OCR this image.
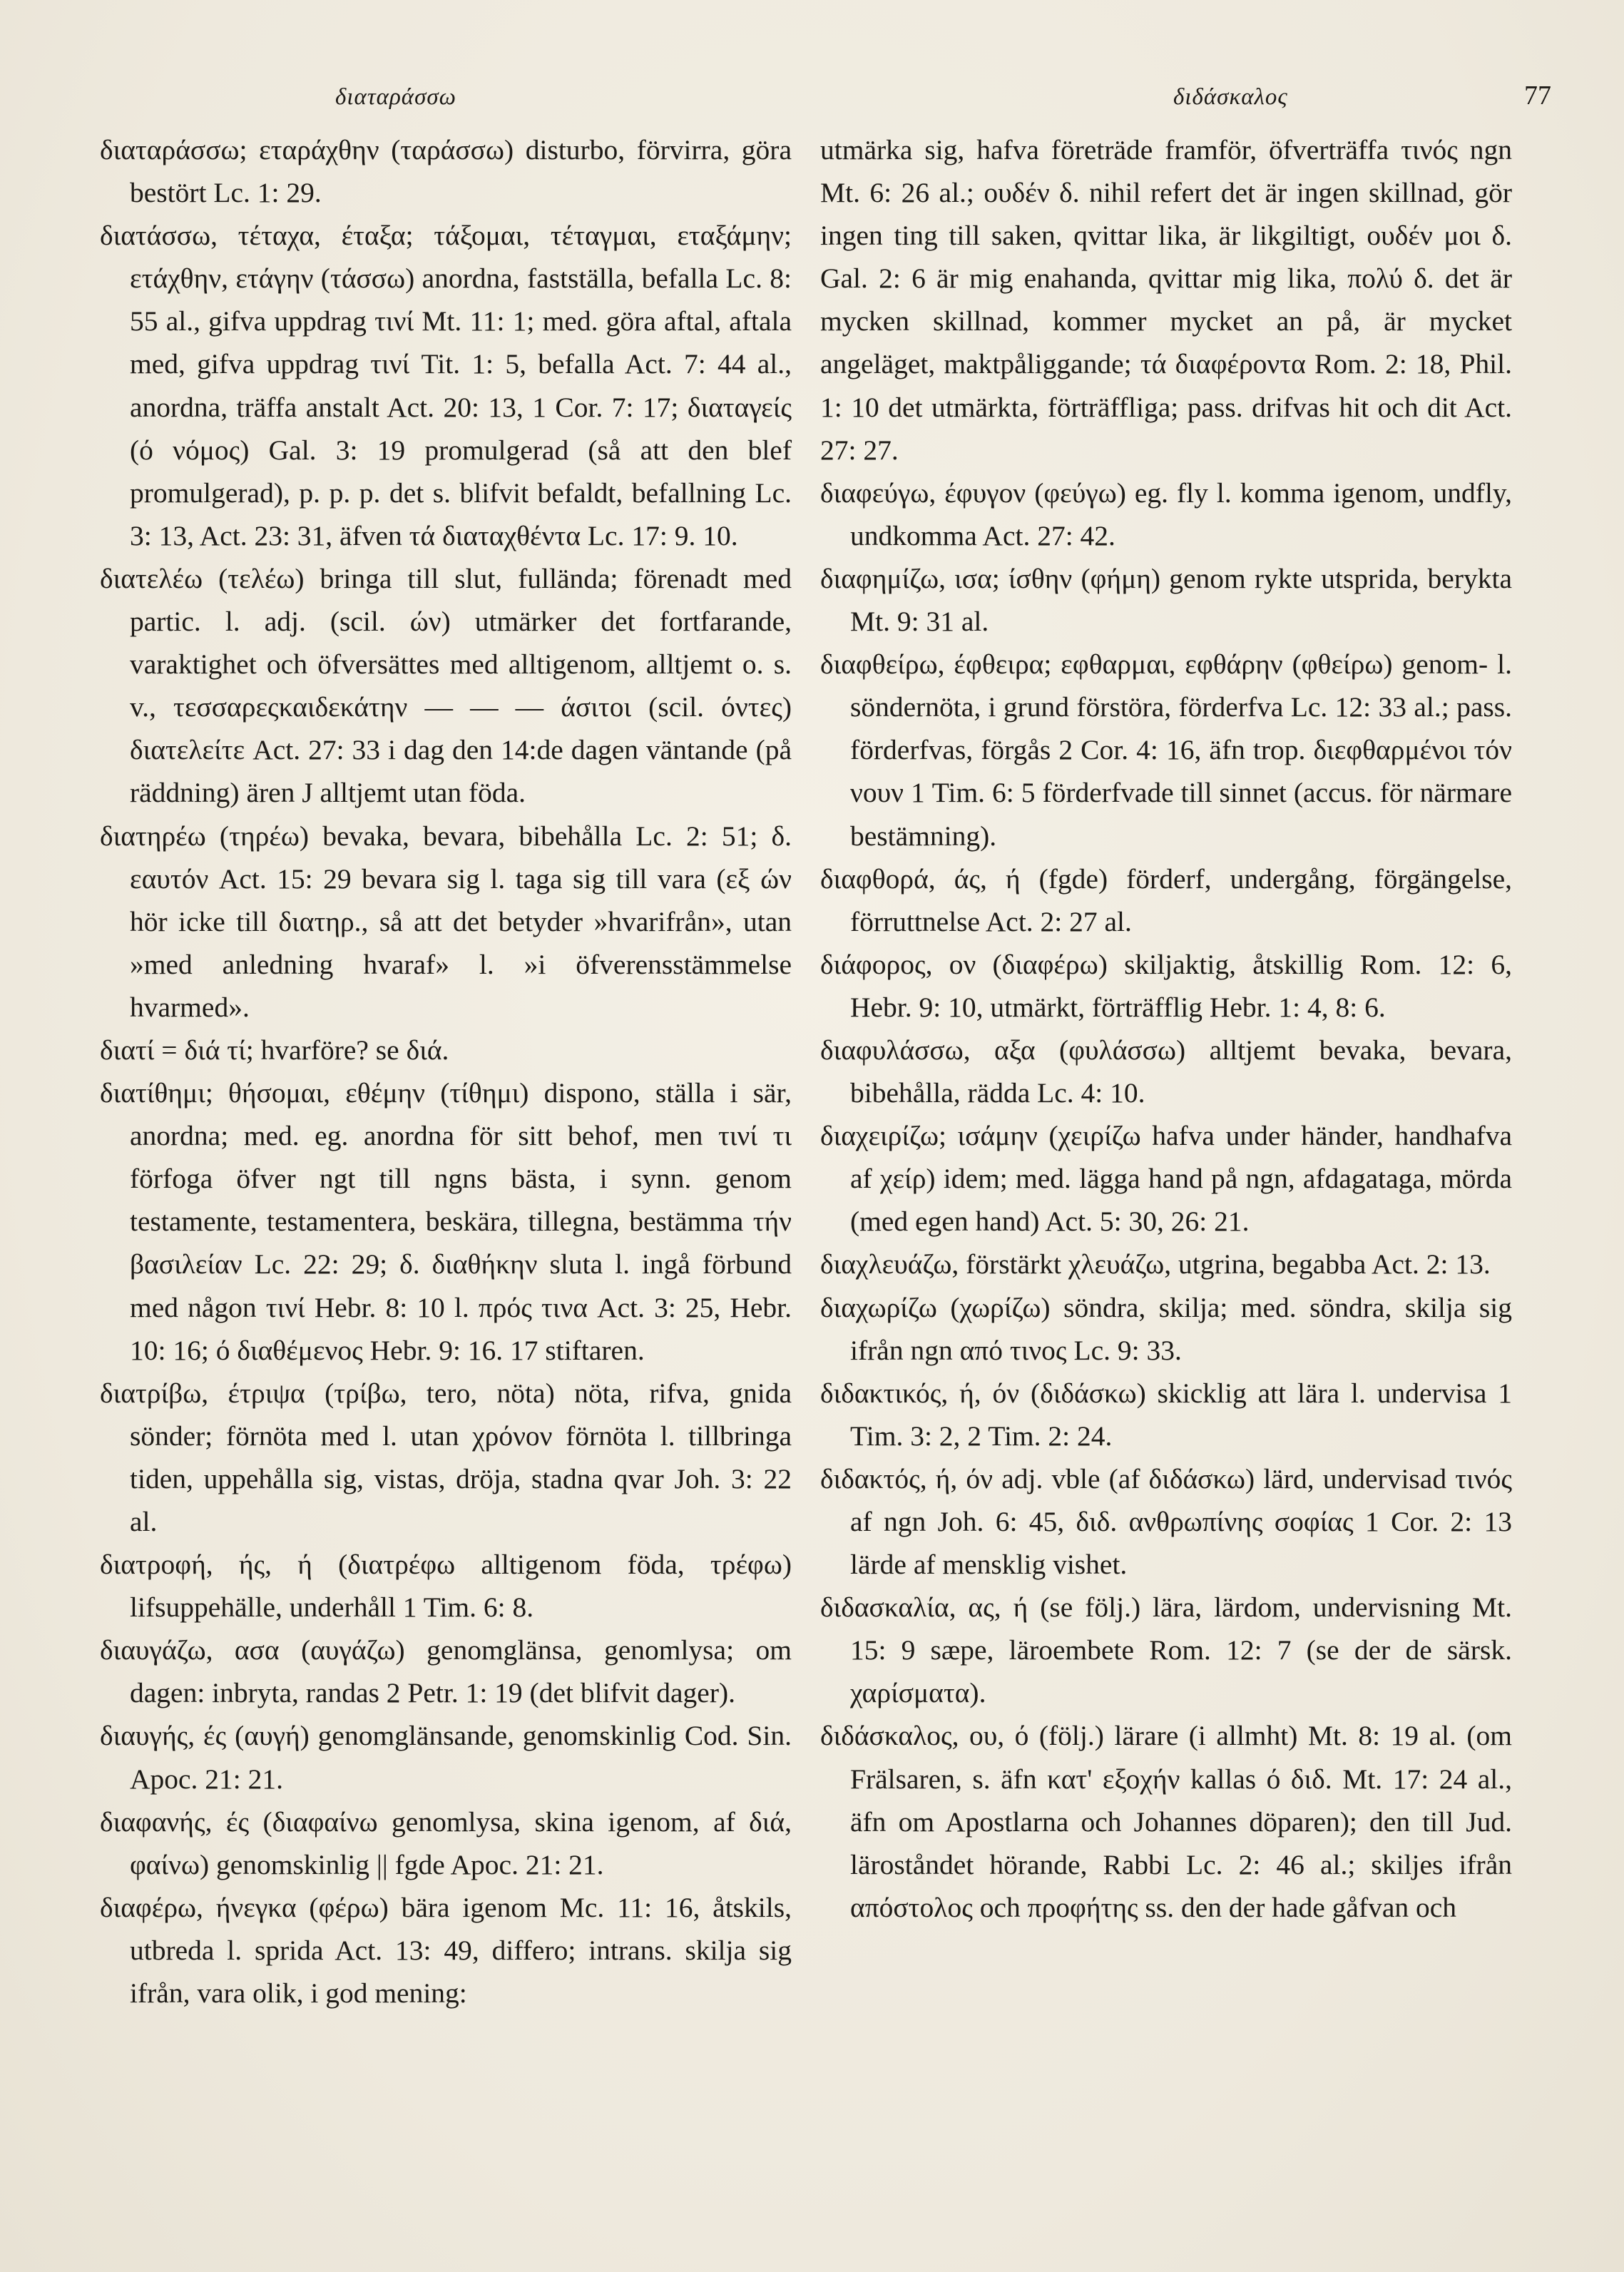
διαταράσσω	διδάσκαλος	77

διαταράσσω; εταράχθην (ταράσσω) disturbo, förvirra, göra bestört Lc. 1: 29.

διατάσσω, τέταχα, έταξα; τάξομαι, τέταγμαι, εταξάμην; ετάχθην, ετάγην (τάσσω) anordna, fastställa, befalla Lc. 8: 55 al., gifva uppdrag τινί Mt. 11: 1; med. göra aftal, aftala med, gifva uppdrag τινί Tit. 1: 5, befalla Act. 7: 44 al., anordna, träffa anstalt Act. 20: 13, 1 Cor. 7: 17; διαταγείς (ό νόμος) Gal. 3: 19 promulgerad (så att den blef promulgerad), p. p. p. det s. blifvit befaldt, befallning Lc. 3: 13, Act. 23: 31, äfven τά διαταχθέντα Lc. 17: 9. 10.

διατελέω (τελέω) bringa till slut, fullända; förenadt med partic. l. adj. (scil. ών) utmärker det fortfarande, varaktighet och öfversättes med alltigenom, alltjemt o. s. v., τεσσαρεςκαιδεκάτην — — — άσιτοι (scil. όντες) διατελείτε Act. 27: 33 i dag den 14:de dagen väntande (på räddning) ären J alltjemt utan föda.

διατηρέω (τηρέω) bevaka, bevara, bibehålla Lc. 2: 51; δ. εαυτόν Act. 15: 29 bevara sig l. taga sig till vara (εξ ών hör icke till διατηρ., så att det betyder »hvarifrån», utan »med anledning hvaraf» l. »i öfverensstämmelse hvarmed».

διατί = διά τί; hvarföre? se διά.

διατίθημι; θήσομαι, εθέμην (τίθημι) dispono, ställa i sär, anordna; med. eg. anordna för sitt behof, men τινί τι förfoga öfver ngt till ngns bästa, i synn. genom testamente, testamentera, beskära, tillegna, bestämma τήν βασιλείαν Lc. 22: 29; δ. διαθήκην sluta l. ingå förbund med någon τινί Hebr. 8: 10 l. πρός τινα Act. 3: 25, Hebr. 10: 16; ό διαθέμενος Hebr. 9: 16. 17 stiftaren.

διατρίβω, έτριψα (τρίβω, tero, nöta) nöta, rifva, gnida sönder; förnöta med l. utan χρόνον förnöta l. tillbringa tiden, uppehålla sig, vistas, dröja, stadna qvar Joh. 3: 22 al.

διατροφή, ής, ή (διατρέφω alltigenom föda, τρέφω) lifsuppehälle, underhåll 1 Tim. 6: 8.

διαυγάζω, ασα (αυγάζω) genomglänsa, genomlysa; om dagen: inbryta, randas 2 Petr. 1: 19 (det blifvit dager).

διαυγής, ές (αυγή) genomglänsande, genomskinlig Cod. Sin. Apoc. 21: 21.

διαφανής, ές (διαφαίνω genomlysa, skina igenom, af διά, φαίνω) genomskinlig || fgde Apoc. 21: 21.

διαφέρω, ήνεγκα (φέρω) bära igenom Mc. 11: 16, åtskils, utbreda l. sprida Act. 13: 49, differo; intrans. skilja sig ifrån, vara olik, i god mening:

utmärka sig, hafva företräde framför, öfverträffa τινός ngn Mt. 6: 26 al.; ουδέν δ. nihil refert det är ingen skillnad, gör ingen ting till saken, qvittar lika, är likgiltigt, ουδέν μοι δ. Gal. 2: 6 är mig enahanda, qvittar mig lika, πολύ δ. det är mycken skillnad, kommer mycket an på, är mycket angeläget, maktpåliggande; τά διαφέροντα Rom. 2: 18, Phil. 1: 10 det utmärkta, förträffliga; pass. drifvas hit och dit Act. 27: 27.

διαφεύγω, έφυγον (φεύγω) eg. fly l. komma igenom, undfly, undkomma Act. 27: 42.

διαφημίζω, ισα; ίσθην (φήμη) genom rykte utsprida, berykta Mt. 9: 31 al.

διαφθείρω, έφθειρα; εφθαρμαι, εφθάρην (φθείρω) genom- l. söndernöta, i grund förstöra, förderfva Lc. 12: 33 al.; pass. förderfvas, förgås 2 Cor. 4: 16, äfn trop. διεφθαρμένοι τόν νουν 1 Tim. 6: 5 förderfvade till sinnet (accus. för närmare bestämning).

διαφθορά, άς, ή (fgde) förderf, undergång, förgängelse, förruttnelse Act. 2: 27 al.

διάφορος, ον (διαφέρω) skiljaktig, åtskillig Rom. 12: 6, Hebr. 9: 10, utmärkt, förträfflig Hebr. 1: 4, 8: 6.

διαφυλάσσω, αξα (φυλάσσω) alltjemt bevaka, bevara, bibehålla, rädda Lc. 4: 10.

διαχειρίζω; ισάμην (χειρίζω hafva under händer, handhafva af χείρ) idem; med. lägga hand på ngn, afdagataga, mörda (med egen hand) Act. 5: 30, 26: 21.

διαχλευάζω, förstärkt χλευάζω, utgrina, begabba Act. 2: 13.

διαχωρίζω (χωρίζω) söndra, skilja; med. söndra, skilja sig ifrån ngn από τινος Lc. 9: 33.

διδακτικός, ή, όν (διδάσκω) skicklig att lära l. undervisa 1 Tim. 3: 2, 2 Tim. 2: 24.

διδακτός, ή, όν adj. vble (af διδάσκω) lärd, undervisad τινός af ngn Joh. 6: 45, διδ. ανθρωπίνης σοφίας 1 Cor. 2: 13 lärde af mensklig vishet.

διδασκαλία, ας, ή (se följ.) lära, lärdom, undervisning Mt. 15: 9 sæpe, läroembete Rom. 12: 7 (se der de särsk. χαρίσματα).

διδάσκαλος, ου, ό (följ.) lärare (i allmht) Mt. 8: 19 al. (om Frälsaren, s. äfn κατ' εξοχήν kallas ό διδ. Mt. 17: 24 al., äfn om Apostlarna och Johannes döparen); den till Jud. läroståndet hörande, Rabbi Lc. 2: 46 al.; skiljes ifrån απόστολος och προφήτης ss. den der hade gåfvan och
